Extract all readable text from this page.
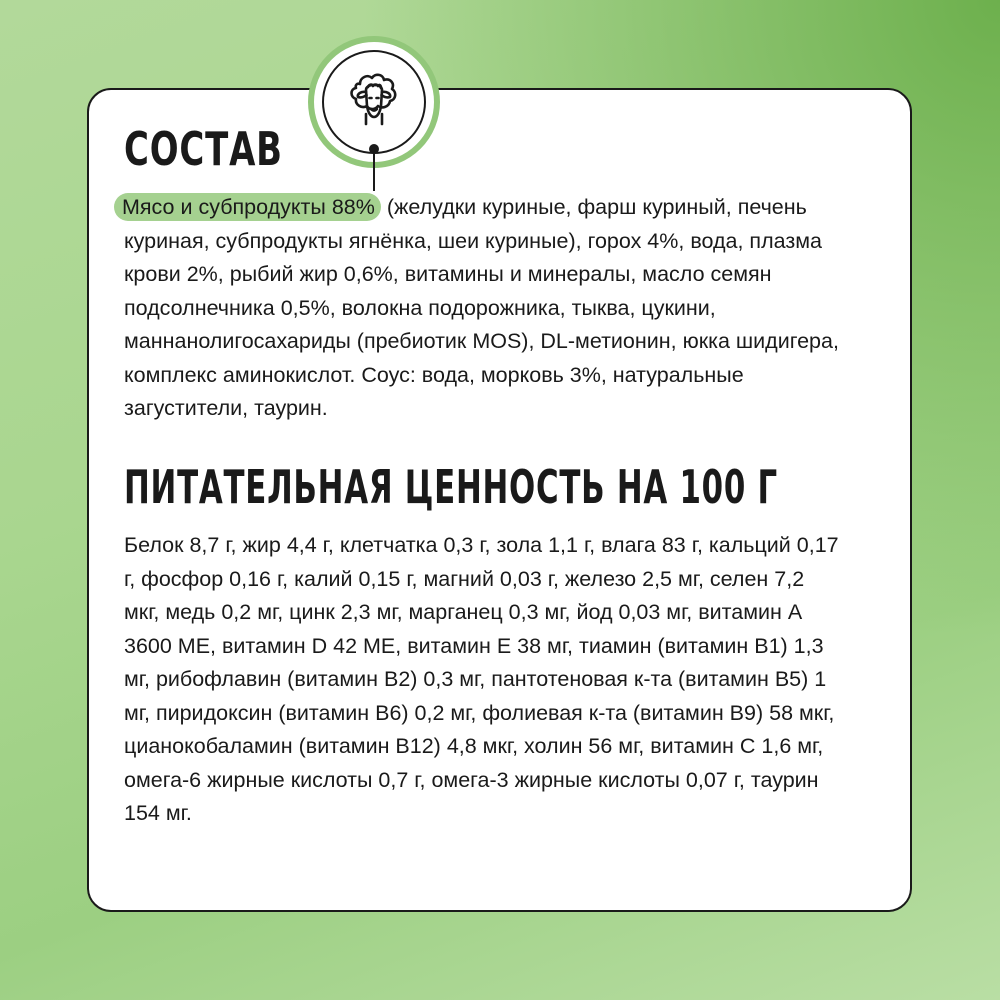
СОСТАВ

Мясо и субпродукты 88% (желудки куриные, фарш куриный, печень куриная, субпродукты ягнёнка, шеи куриные), горох 4%, вода, плазма крови 2%, рыбий жир 0,6%, витамины и минералы, масло семян подсолнечника 0,5%, волокна подорожника, тыква, цукини, маннанолигосахариды (пребиотик MOS), DL-метионин, юкка шидигера, комплекс аминокислот. Соус: вода, морковь 3%, натуральные загустители, таурин.

ПИТАТЕЛЬНАЯ ЦЕННОСТЬ НА 100 Г

Белок 8,7 г, жир 4,4 г, клетчатка 0,3 г, зола 1,1 г, влага 83 г, кальций 0,17 г, фосфор 0,16 г, калий 0,15 г, магний 0,03 г, железо 2,5 мг, селен 7,2 мкг, медь 0,2 мг, цинк 2,3 мг, марганец 0,3 мг, йод 0,03 мг, витамин А 3600 МЕ, витамин D 42 МЕ, витамин Е 38 мг, тиамин (витамин B1) 1,3 мг, рибофлавин (витамин B2) 0,3 мг, пантотеновая к-та (витамин B5) 1 мг, пиридоксин (витамин B6) 0,2 мг, фолиевая к-та (витамин B9) 58 мкг, цианокобаламин (витамин B12) 4,8 мкг, холин 56 мг, витамин С 1,6 мг, омега-6 жирные кислоты 0,7 г, омега-3 жирные кислоты 0,07 г, таурин 154 мг.
